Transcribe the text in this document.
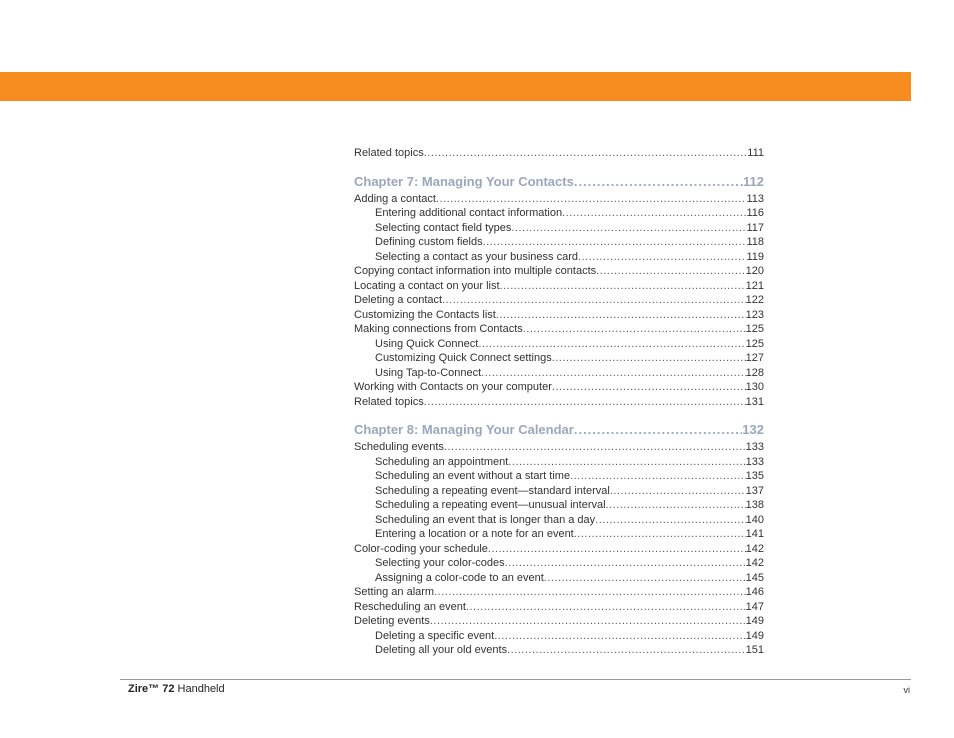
Related topics .....	111
Chapter 7: Managing Your Contacts .....	112
Adding a contact .....	113
Entering additional contact information .....	116
Selecting contact field types .....	117
Defining custom fields .....	118
Selecting a contact as your business card .....	119
Copying contact information into multiple contacts .....	120
Locating a contact on your list .....	121
Deleting a contact .....	122
Customizing the Contacts list .....	123
Making connections from Contacts .....	125
Using Quick Connect .....	125
Customizing Quick Connect settings .....	127
Using Tap-to-Connect .....	128
Working with Contacts on your computer .....	130
Related topics .....	131
Chapter 8: Managing Your Calendar .....	132
Scheduling events .....	133
Scheduling an appointment .....	133
Scheduling an event without a start time .....	135
Scheduling a repeating event—standard interval .....	137
Scheduling a repeating event—unusual interval .....	138
Scheduling an event that is longer than a day .....	140
Entering a location or a note for an event .....	141
Color-coding your schedule .....	142
Selecting your color-codes .....	142
Assigning a color-code to an event .....	145
Setting an alarm .....	146
Rescheduling an event .....	147
Deleting events .....	149
Deleting a specific event .....	149
Deleting all your old events .....	151
Zire™ 72 Handheld	vi
